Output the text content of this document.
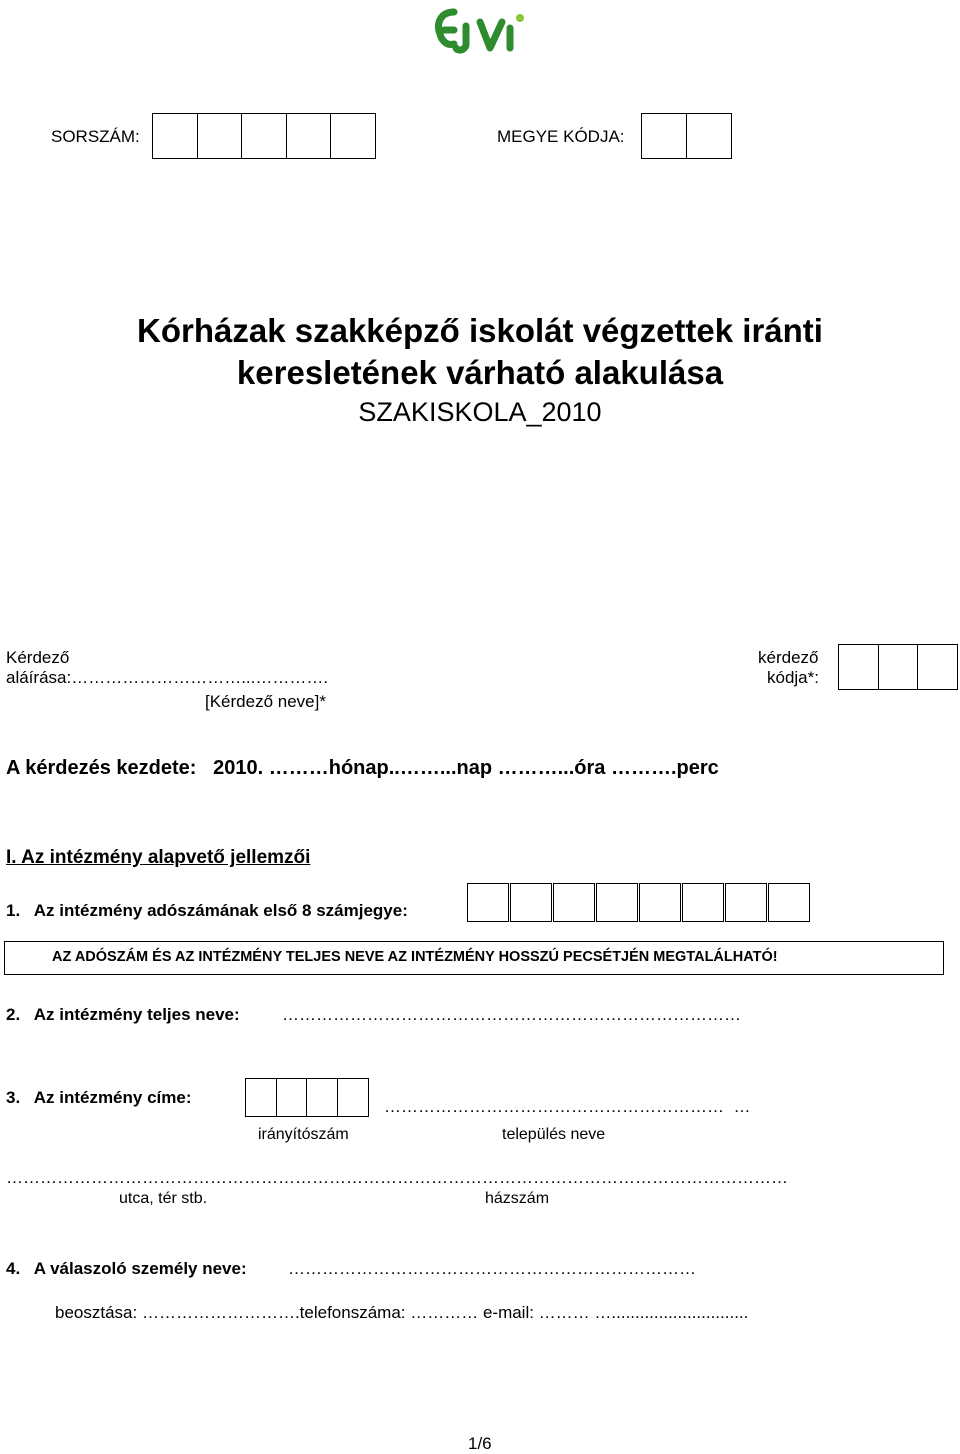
SORSZÁM:	MEGYE KÓDJA:
Kórházak szakképző iskolát végzettek iránti
keresletének várható alakulása
SZAKISKOLA_2010
Kérdező
aláírása:…………………………...………….
[Kérdező neve]*
kérdező
kódja*:
A kérdezés kezdete:   2010. ………hónap..……...nap ………...óra ……….perc
I. Az intézmény alapvető jellemzői
1.   Az intézmény adószámának első 8 számjegye:
AZ ADÓSZÁM ÉS AZ INTÉZMÉNY TELJES NEVE AZ INTÉZMÉNY HOSSZÚ PECSÉTJÉN MEGTALÁLHATÓ!
2.   Az intézmény teljes neve: ………………………………………………………………………
3.   Az intézmény címe:	……………………………………………………  …
irányítószám	település neve
…………………………………………………………………………………………………………………………
utca, tér stb.	házszám
4.   A válaszoló személy neve: ………………………………………………………………
beosztása: ……………………….telefonszáma: ………… e-mail: ……… ….............................
1/6
